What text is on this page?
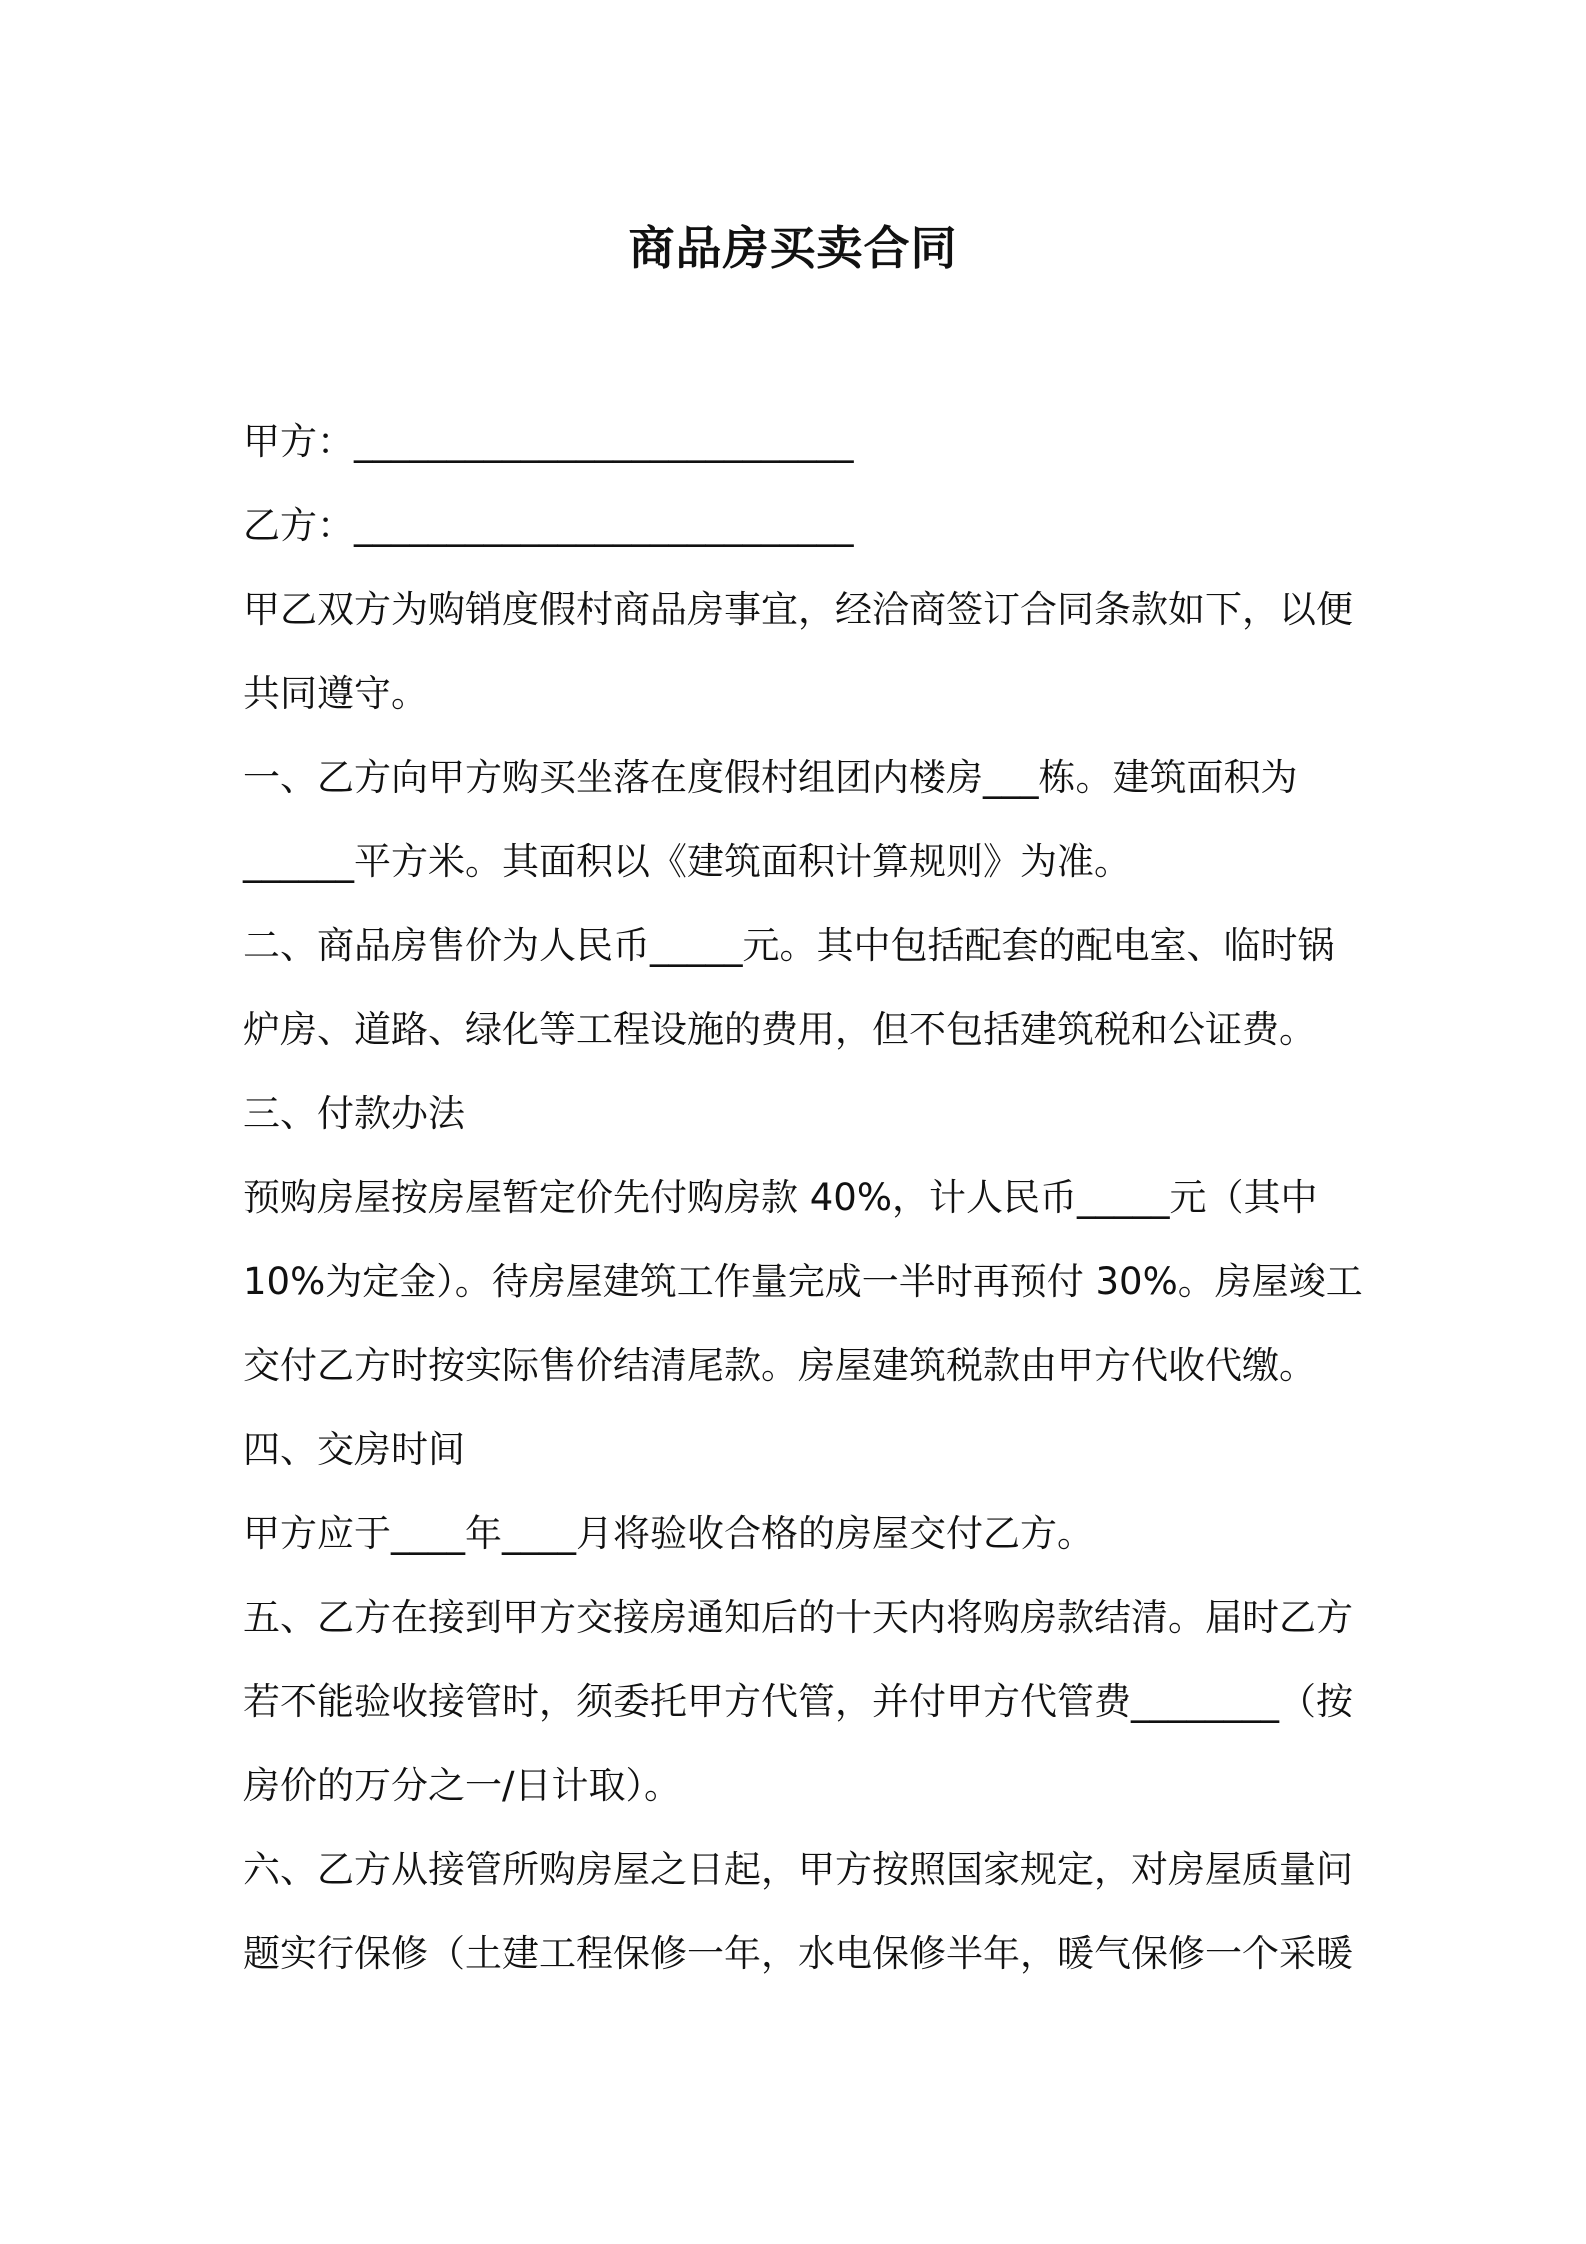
商品房买卖合同
甲方：___________________________
乙方：___________________________
甲乙双方为购销度假村商品房事宜，经洽商签订合同条款如下，以便
共同遵守。
一、乙方向甲方购买坐落在度假村组团内楼房___栋。建筑面积为
______平方米。其面积以《建筑面积计算规则》为准。
二、商品房售价为人民币_____元。其中包括配套的配电室、临时锅
炉房、道路、绿化等工程设施的费用，但不包括建筑税和公证费。
三、付款办法
预购房屋按房屋暂定价先付购房款 40%，计人民币_____元（其中
10%为定金）。待房屋建筑工作量完成一半时再预付 30%。房屋竣工
交付乙方时按实际售价结清尾款。房屋建筑税款由甲方代收代缴。
四、交房时间
甲方应于____年____月将验收合格的房屋交付乙方。
五、乙方在接到甲方交接房通知后的十天内将购房款结清。届时乙方
若不能验收接管时，须委托甲方代管，并付甲方代管费________（按
房价的万分之一/日计取）。
六、乙方从接管所购房屋之日起，甲方按照国家规定，对房屋质量问
题实行保修（土建工程保修一年，水电保修半年，暖气保修一个采暖
